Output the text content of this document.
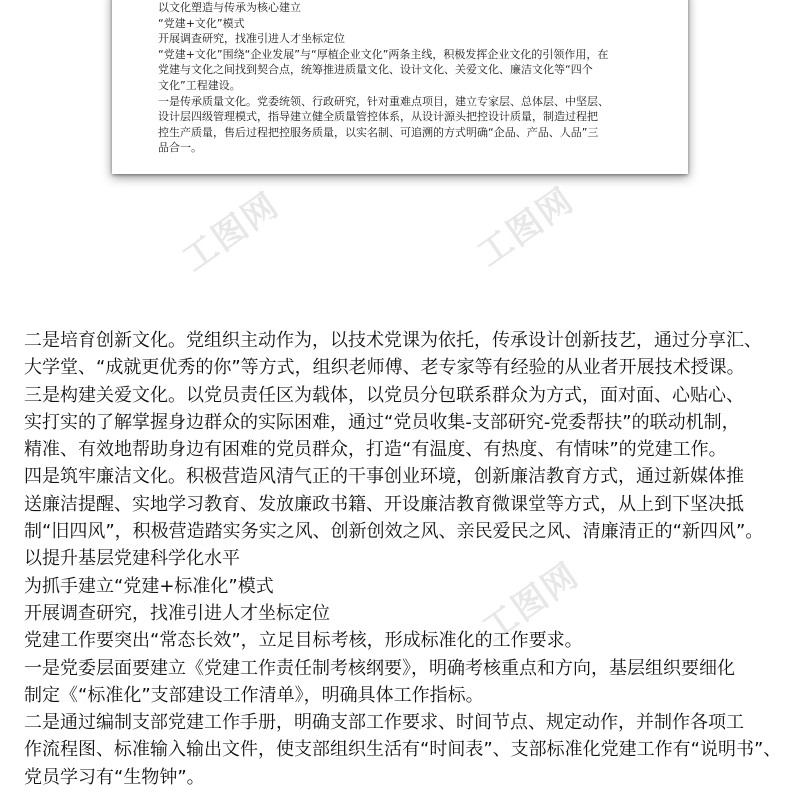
工图网	工图网
工图网

以文化塑造与传承为核心建立

“党建+文化”模式

开展调查研究，找准引进人才坐标定位

“党建+文化”围绕“企业发展”与“厚植企业文化”两条主线，积极发挥企业文化的引领作用，在

党建与文化之间找到契合点，统筹推进质量文化、设计文化、关爱文化、廉洁文化等“四个

文化”工程建设。

一是传承质量文化。党委统领、行政研究，针对重难点项目，建立专家层、总体层、中坚层、

设计层四级管理模式，指导建立健全质量管控体系，从设计源头把控设计质量，制造过程把

控生产质量，售后过程把控服务质量，以实名制、可追溯的方式明确“企品、产品、人品”三

品合一。

二是培育创新文化。党组织主动作为，以技术党课为依托，传承设计创新技艺，通过分享汇、

大学堂、“成就更优秀的你”等方式，组织老师傅、老专家等有经验的从业者开展技术授课。

三是构建关爱文化。以党员责任区为载体，以党员分包联系群众为方式，面对面、心贴心、

实打实的了解掌握身边群众的实际困难，通过“党员收集-支部研究-党委帮扶”的联动机制，

精准、有效地帮助身边有困难的党员群众，打造“有温度、有热度、有情味”的党建工作。

四是筑牢廉洁文化。积极营造风清气正的干事创业环境，创新廉洁教育方式，通过新媒体推

送廉洁提醒、实地学习教育、发放廉政书籍、开设廉洁教育微课堂等方式，从上到下坚决抵

制“旧四风”，积极营造踏实务实之风、创新创效之风、亲民爱民之风、清廉清正的“新四风”。

以提升基层党建科学化水平

为抓手建立“党建+标准化”模式

开展调查研究，找准引进人才坐标定位

党建工作要突出“常态长效”，立足目标考核，形成标准化的工作要求。

一是党委层面要建立《党建工作责任制考核纲要》，明确考核重点和方向，基层组织要细化

制定《“标准化”支部建设工作清单》，明确具体工作指标。

二是通过编制支部党建工作手册，明确支部工作要求、时间节点、规定动作，并制作各项工

作流程图、标准输入输出文件，使支部组织生活有“时间表”、支部标准化党建工作有“说明书”、

党员学习有“生物钟”。
